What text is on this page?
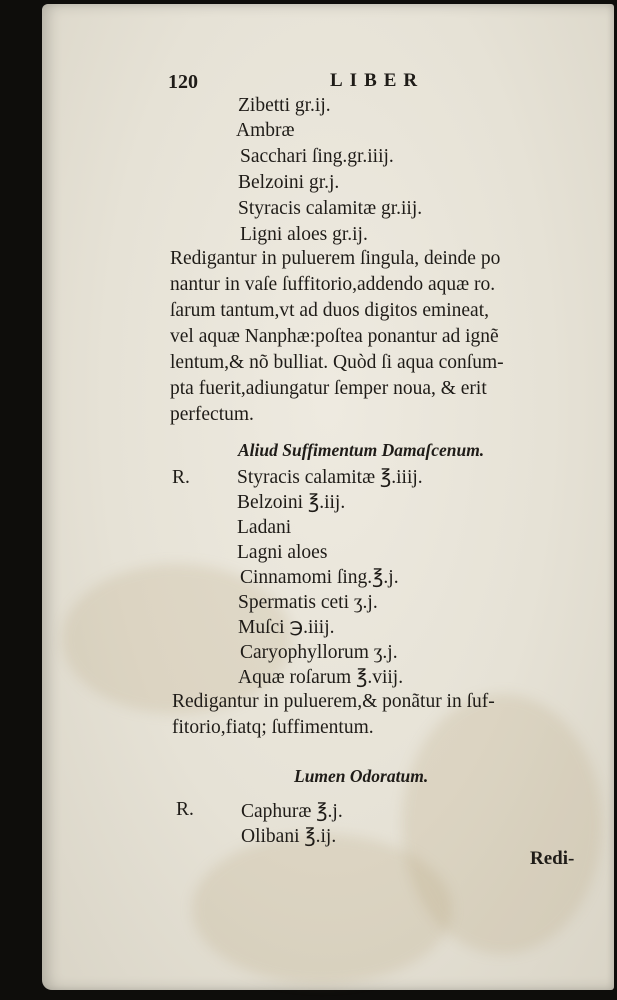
120	LIBER
Zibetti gr.ij.
Ambræ
Sacchari ſing.gr.iiij.
Belzoini gr.j.
Styracis calamitæ gr.iij.
Ligni aloes gr.ij.
Redigantur in puluerem ſingula, deinde po
nantur in vaſe ſuffitorio,addendo aquæ ro.
ſarum tantum,vt ad duos digitos emineat,
vel aquæ Nanphæ:poſtea ponantur ad ignẽ
lentum,& nõ bulliat. Quòd ſi aqua conſum-
pta fuerit,adiungatur ſemper noua, & erit
perfectum.
Aliud Suffimentum Damaſcenum.
R. Styracis calamitæ ℥.iiij.
Belzoini ℥.iij.
Ladani
Lagni aloes
Cinnamomi ſing.℥.j.
Spermatis ceti ʒ.j.
Muſci ℈.iiij.
Caryophyllorum ʒ.j.
Aquæ roſarum ℥.viij.
Redigantur in puluerem,& ponãtur in ſuf-
fitorio,fiatq; ſuffimentum.
Lumen Odoratum.
R. Caphuræ ℥.j.
Olibani ℥.ij.
Redi-
